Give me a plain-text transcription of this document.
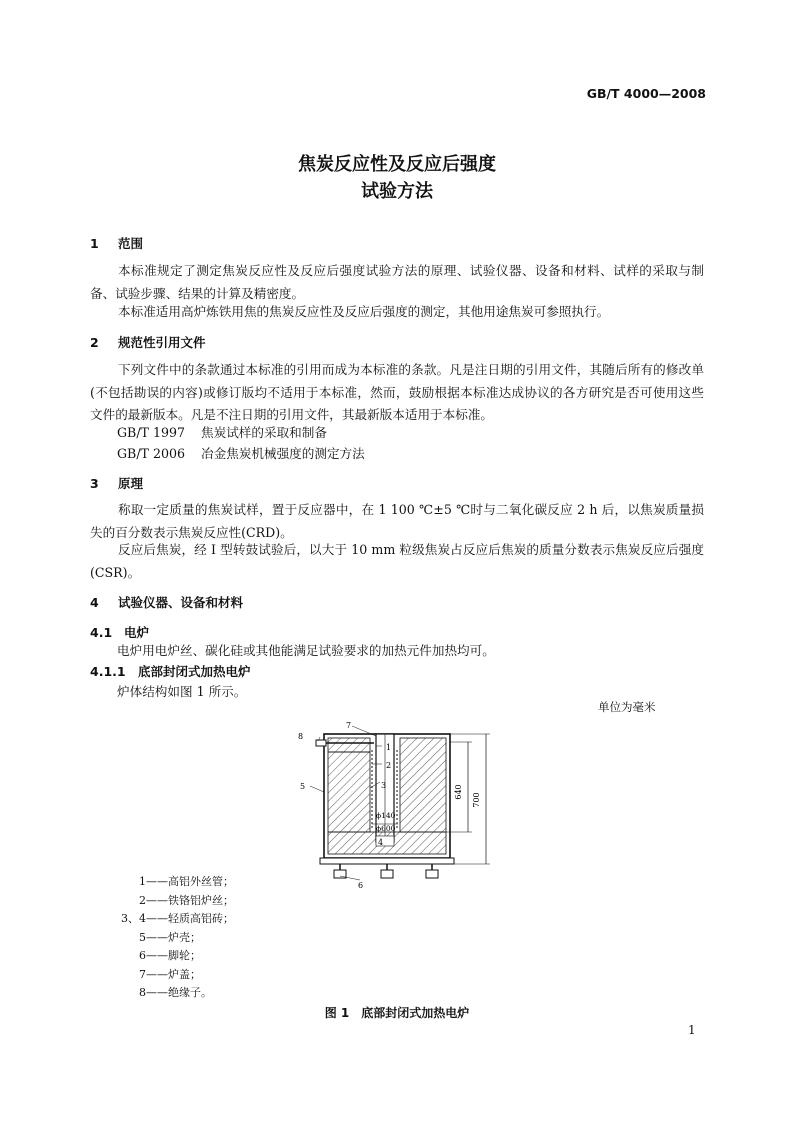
GB/T 4000—2008
焦炭反应性及反应后强度
试验方法
1 范围
本标准规定了测定焦炭反应性及反应后强度试验方法的原理、试验仪器、设备和材料、试样的采取与制备、试验步骤、结果的计算及精密度。
本标准适用高炉炼铁用焦的焦炭反应性及反应后强度的测定，其他用途焦炭可参照执行。
2 规范性引用文件
下列文件中的条款通过本标准的引用而成为本标准的条款。凡是注日期的引用文件，其随后所有的修改单(不包括勘误的内容)或修订版均不适用于本标准，然而，鼓励根据本标准达成协议的各方研究是否可使用这些文件的最新版本。凡是不注日期的引用文件，其最新版本适用于本标准。
GB/T 1997 焦炭试样的采取和制备
GB/T 2006 冶金焦炭机械强度的测定方法
3 原理
称取一定质量的焦炭试样，置于反应器中，在 1 100 ℃±5 ℃时与二氧化碳反应 2 h 后，以焦炭质量损失的百分数表示焦炭反应性(CRD)。
反应后焦炭，经 Ⅰ 型转鼓试验后，以大于 10 mm 粒级焦炭占反应后焦炭的质量分数表示焦炭反应后强度(CSR)。
4 试验仪器、设备和材料
4.1 电炉
电炉用电炉丝、碳化硅或其他能满足试验要求的加热元件加热均可。
4.1.1 底部封闭式加热电炉
炉体结构如图 1 所示。
单位为毫米
640
700
ϕ140
ϕ600
7
8
1
2
3
4
5
6
1——高铝外丝管；
2——铁铬铝炉丝；
3、4——轻质高铝砖；
5——炉壳；
6——脚轮；
7——炉盖；
8——绝缘子。
图 1　底部封闭式加热电炉
1
